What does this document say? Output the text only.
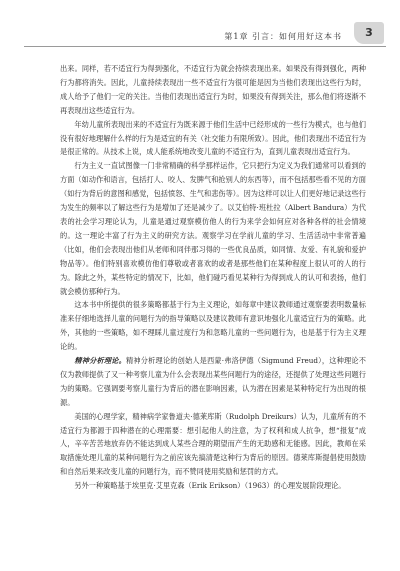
第1章 引言：如何用好这本书	3

出来。同样，若不适宜行为得到强化，不适宜行为就会持续表现出来。如果没有得到强化，两种行为都将消失。因此，儿童持续表现出一些不适宜行为很可能是因为当他们表现出这些行为时，成人给予了他们一定的关注。当他们表现出适宜行为时，如果没有得到关注，那么他们将逐渐不再表现出这些适宜行为。

年幼儿童所表现出来的不适宜行为既来源于他们生活中已经形成的一些行为模式，也与他们没有很好地理解什么样的行为是适宜的有关（社交能力有限所致）。因此，他们表现出不适宜行为是很正常的。从技术上说，成人能系统地改变儿童的不适宜行为，直到儿童表现出适宜行为。

行为主义一直试图像一门非常精确的科学那样运作，它只把行为定义为我们通常可以看到的方面（如动作和语言，包括打人、咬人、发脾气和抢别人的东西等），而不包括那些看不见的方面（如行为背后的意图和感觉，包括愤怒、生气和悲伤等）。因为这样可以让人们更好地记录这些行为发生的频率以了解这些行为是增加了还是减少了。以艾伯特·班杜拉（Albert Bandura）为代表的社会学习理论认为，儿童是通过观察模仿他人的行为来学会如何应对各种各样的社会情境的。这一理论丰富了行为主义的研究方法。观察学习在学前儿童的学习、生活活动中非常普遍（比如，他们会表现出他们从老师和同伴那习得的一些优良品质，如同情、友爱、有礼貌和爱护物品等）。他们特别喜欢模仿他们尊敬或者喜欢的或者是那些他们在某种程度上很认可的人的行为。除此之外，某些特定的情况下，比如，他们碰巧看见某种行为得到成人的认可和表扬，他们就会模仿那种行为。

这本书中所提供的很多策略都基于行为主义理论，如每章中建议教师通过观察要表明数量标准来仔细地选择儿童的问题行为的指导策略以及建议教师有意识地强化儿童适宜行为的策略。此外，其他的一些策略，如不理睬儿童过度行为和忽略儿童的一些问题行为，也是基于行为主义理论的。

精神分析理论。精神分析理论的创始人是西蒙·弗洛伊德（Sigmund Freud），这种理论不仅为教师提供了又一种考察儿童为什么会表现出某些问题行为的途径，还提供了处理这些问题行为的策略。它强调要考察儿童行为背后的潜在影响因素，认为潜在因素是某种特定行为出现的根源。

美国的心理学家，精神病学家鲁道夫·德莱库斯（Rudolph Dreikurs）认为，儿童所有的不适宜行为都源于四种潜在的心理需要：想引起他人的注意，为了权利和成人抗争，想“报复”成人，辛辛苦苦地放弃仍不能达到成人某些合理的期望而产生的无助感和无能感。因此，教师在采取措施处理儿童的某种问题行为之前应该先搞清楚这种行为背后的原因。德莱库斯提倡使用鼓励和自然后果来改变儿童的问题行为，而不赞同使用奖励和惩罚的方式。

另外一种策略基于埃里克·艾里克森（Erik Erikson）（1963）的心理发展阶段理论。
